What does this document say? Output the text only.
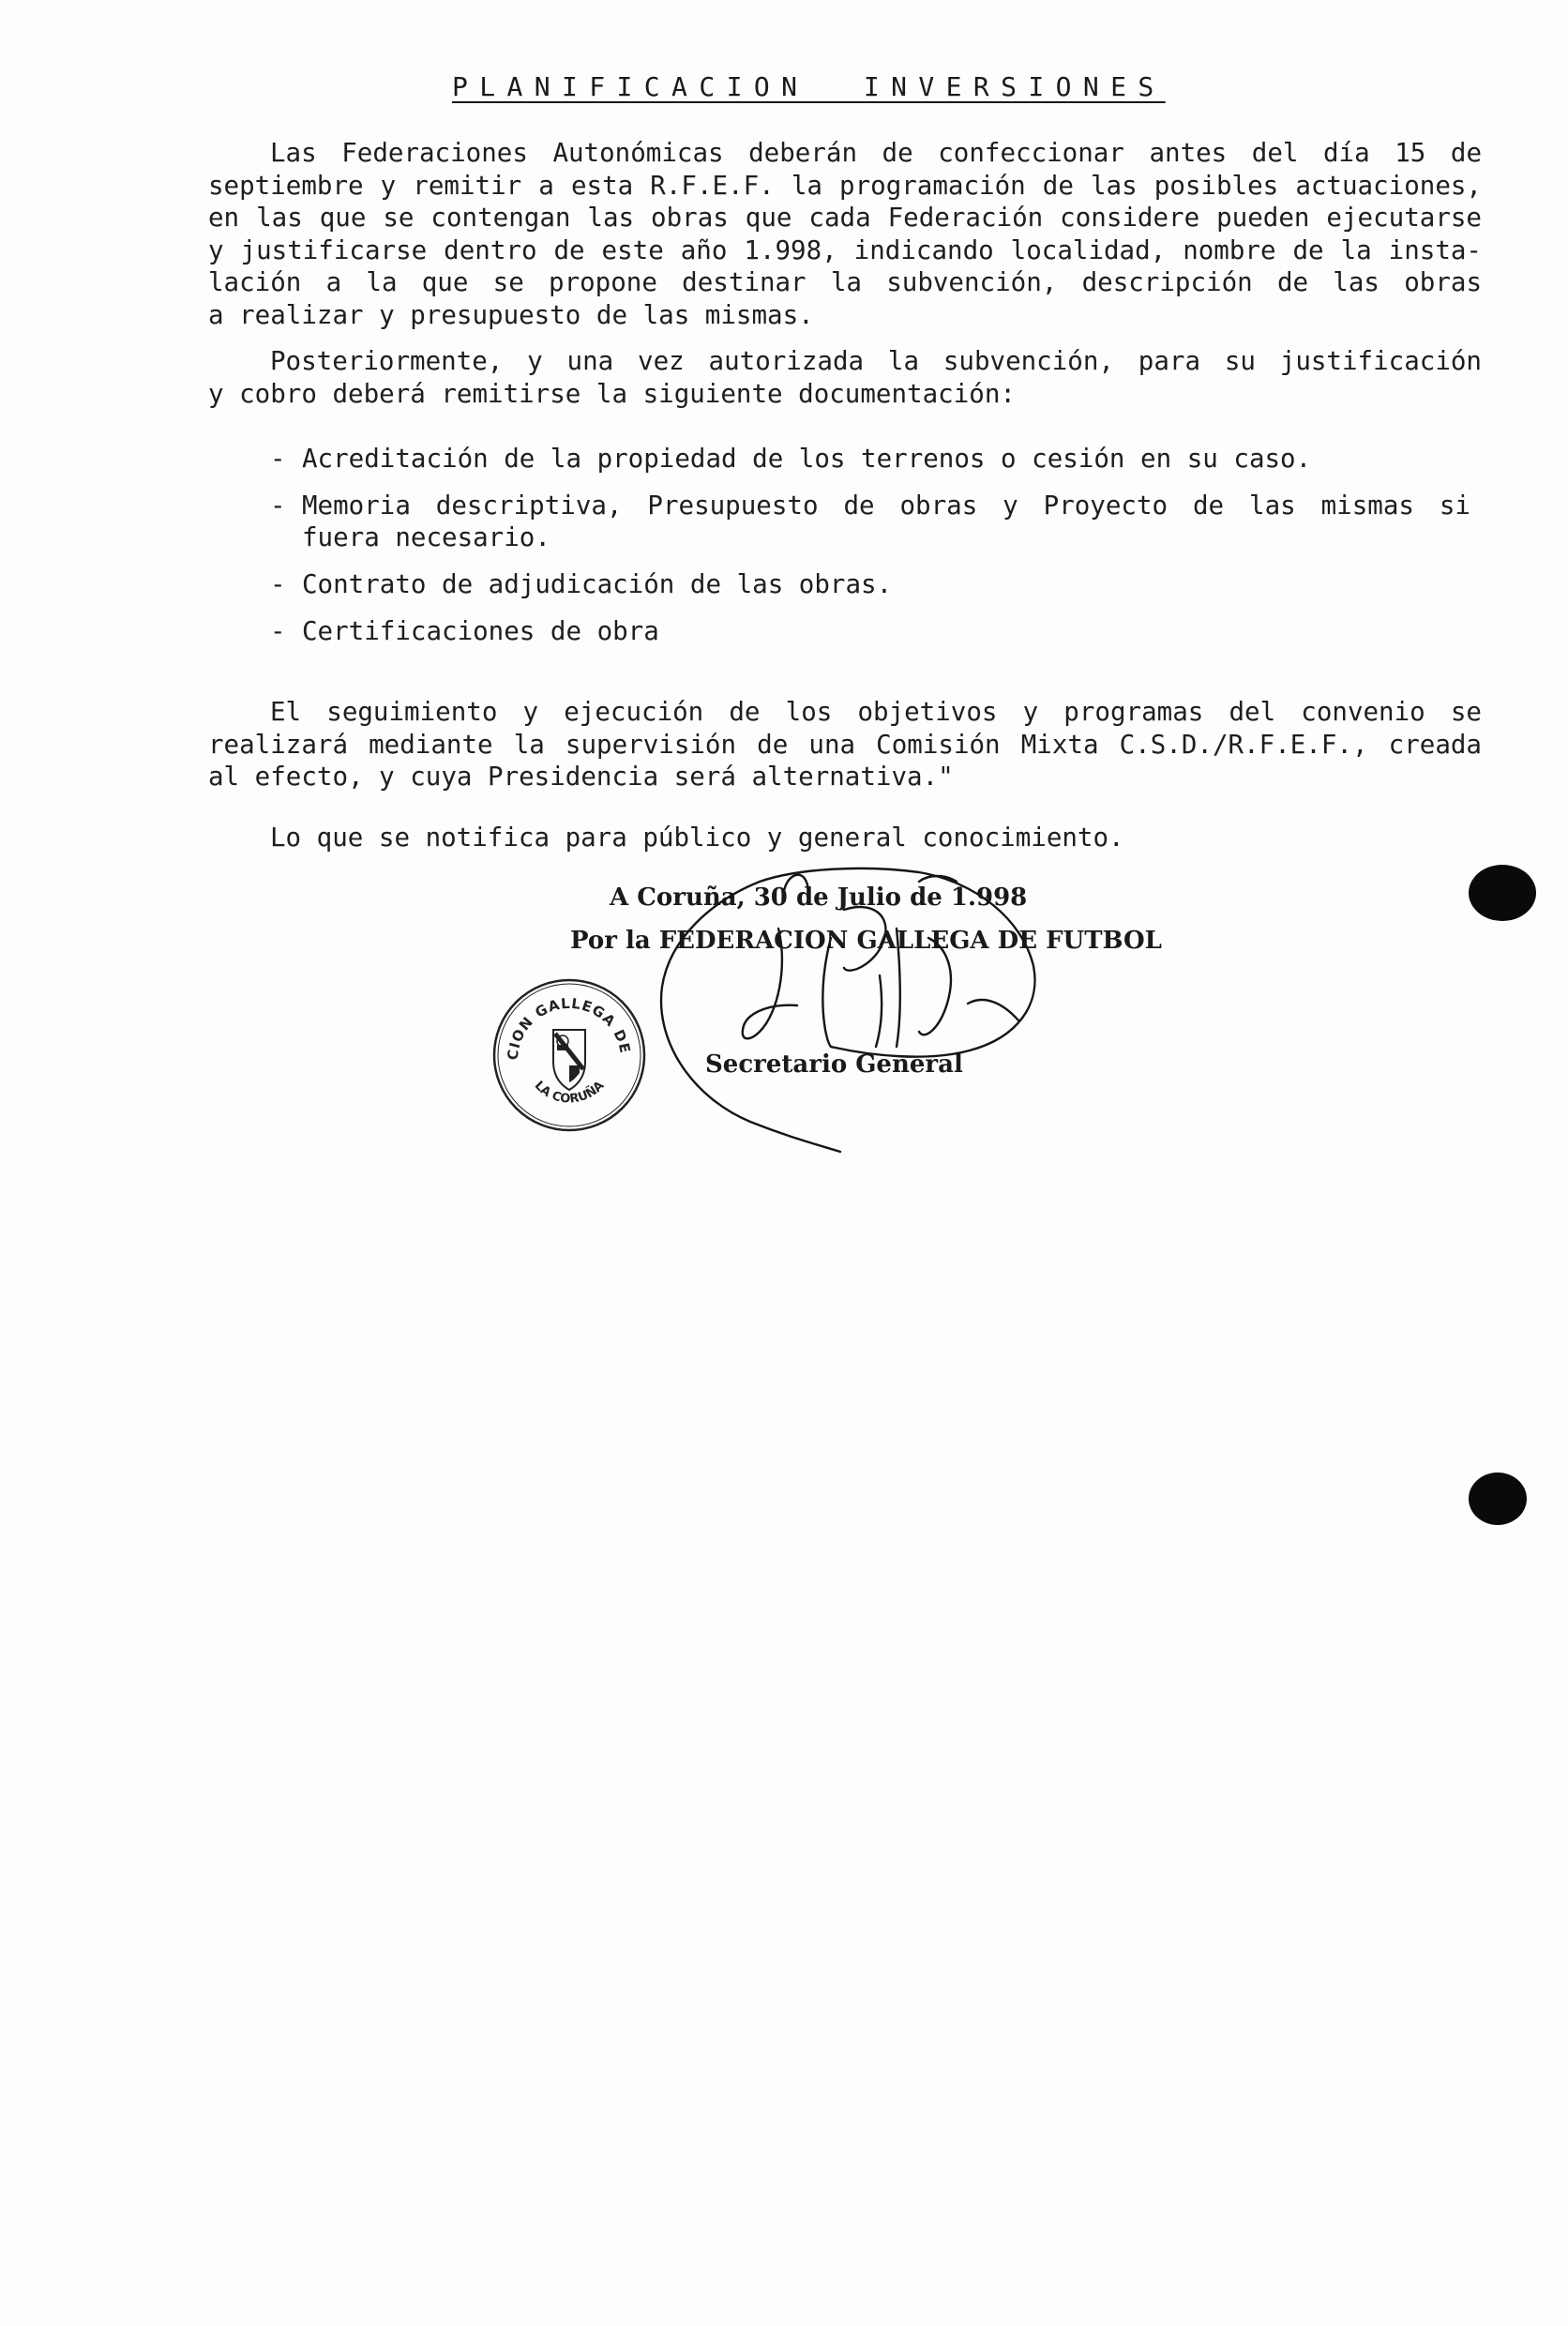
PLANIFICACION  INVERSIONES
Las Federaciones Autonómicas deberán de confeccionar antes del día 15 de
septiembre y remitir a esta R.F.E.F. la programación de las posibles actuaciones,
en las que se contengan las obras que cada Federación considere pueden ejecutarse
y justificarse dentro de este año 1.998, indicando localidad, nombre de la insta-
lación a la que se propone destinar la subvención, descripción de las obras
a realizar y presupuesto de las mismas.
Posteriormente, y una vez autorizada la subvención, para su justificación
y cobro deberá remitirse la siguiente documentación:
- Acreditación de la propiedad de los terrenos o cesión en su caso.
- Memoria descriptiva, Presupuesto de obras y Proyecto de las mismas si
fuera necesario.
- Contrato de adjudicación de las obras.
- Certificaciones de obra
El seguimiento y ejecución de los objetivos y programas del convenio se
realizará mediante la supervisión de una Comisión Mixta C.S.D./R.F.E.F., creada
al efecto, y cuya Presidencia será alternativa."
Lo que se notifica para público y general conocimiento.
A Coruña, 30 de Julio de 1.998
Por la FEDERACION GALLEGA DE FUTBOL
Secretario General
CION GALLEGA DE
LA CORUÑA
